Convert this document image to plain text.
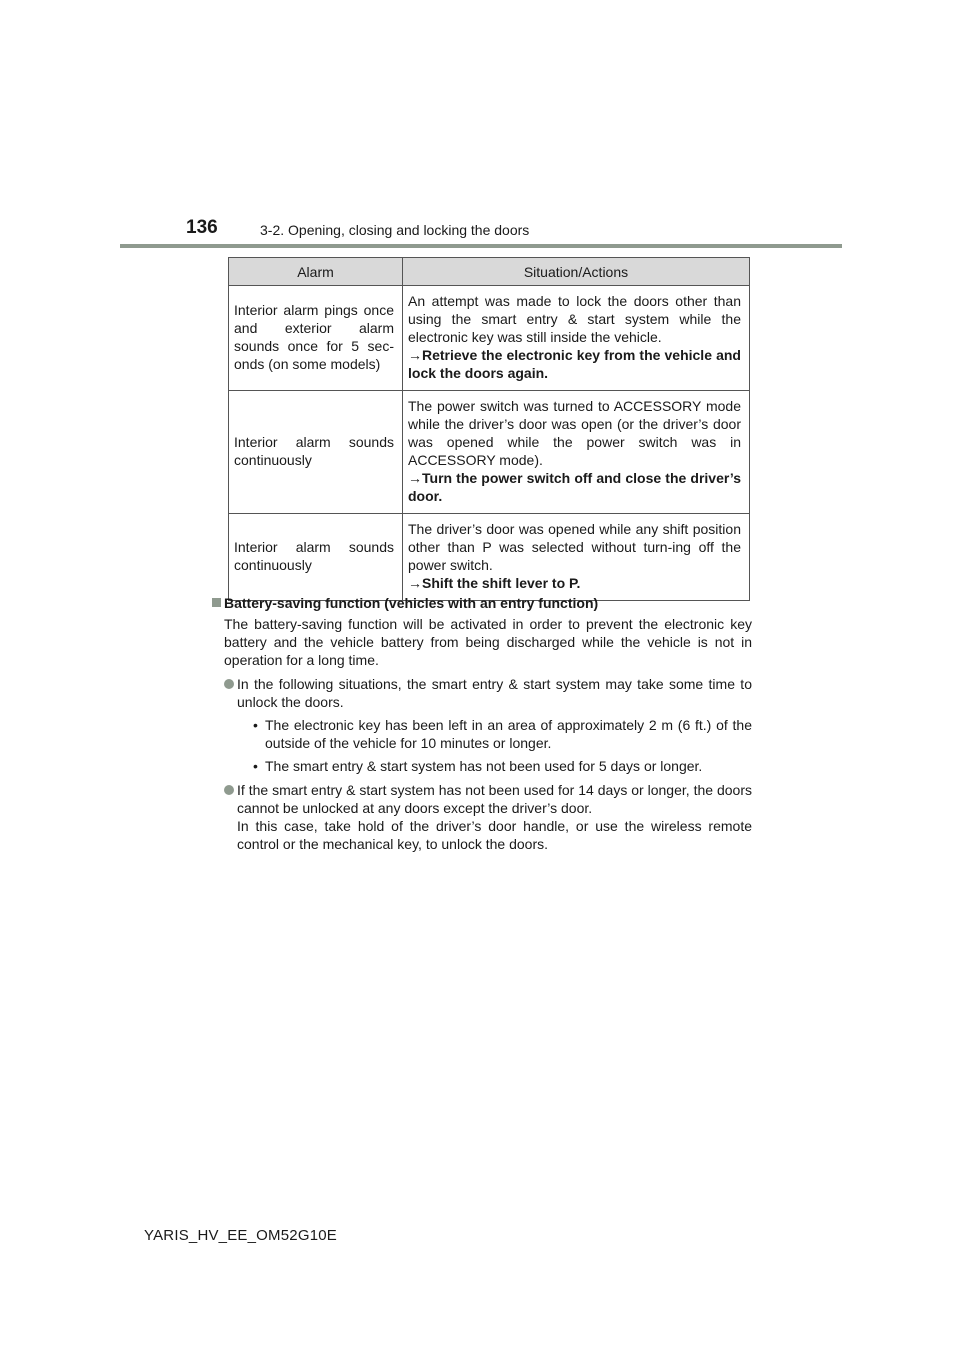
136	3-2. Opening, closing and locking the doors
Alarm	Situation/Actions
Interior alarm pings once and exterior alarm sounds once for 5 sec-onds (on some models)	An attempt was made to lock the doors other than using the smart entry & start system while the electronic key was still inside the vehicle.
→Retrieve the electronic key from the vehicle and lock the doors again.

Interior alarm sounds continuously	The power switch was turned to ACCESSORY mode while the driver’s door was open (or the driver’s door was opened while the power switch was in ACCESSORY mode).
→Turn the power switch off and close the driver’s door.

Interior alarm sounds continuously	The driver’s door was opened while any shift position other than P was selected without turn-ing off the power switch.
→Shift the shift lever to P.
Battery-saving function (vehicles with an entry function)
The battery-saving function will be activated in order to prevent the electronic key battery and the vehicle battery from being discharged while the vehicle is not in operation for a long time.
In the following situations, the smart entry & start system may take some time to unlock the doors.
• The electronic key has been left in an area of approximately 2 m (6 ft.) of the outside of the vehicle for 10 minutes or longer.
• The smart entry & start system has not been used for 5 days or longer.
If the smart entry & start system has not been used for 14 days or longer, the doors cannot be unlocked at any doors except the driver’s door.
In this case, take hold of the driver’s door handle, or use the wireless remote control or the mechanical key, to unlock the doors.
YARIS_HV_EE_OM52G10E
